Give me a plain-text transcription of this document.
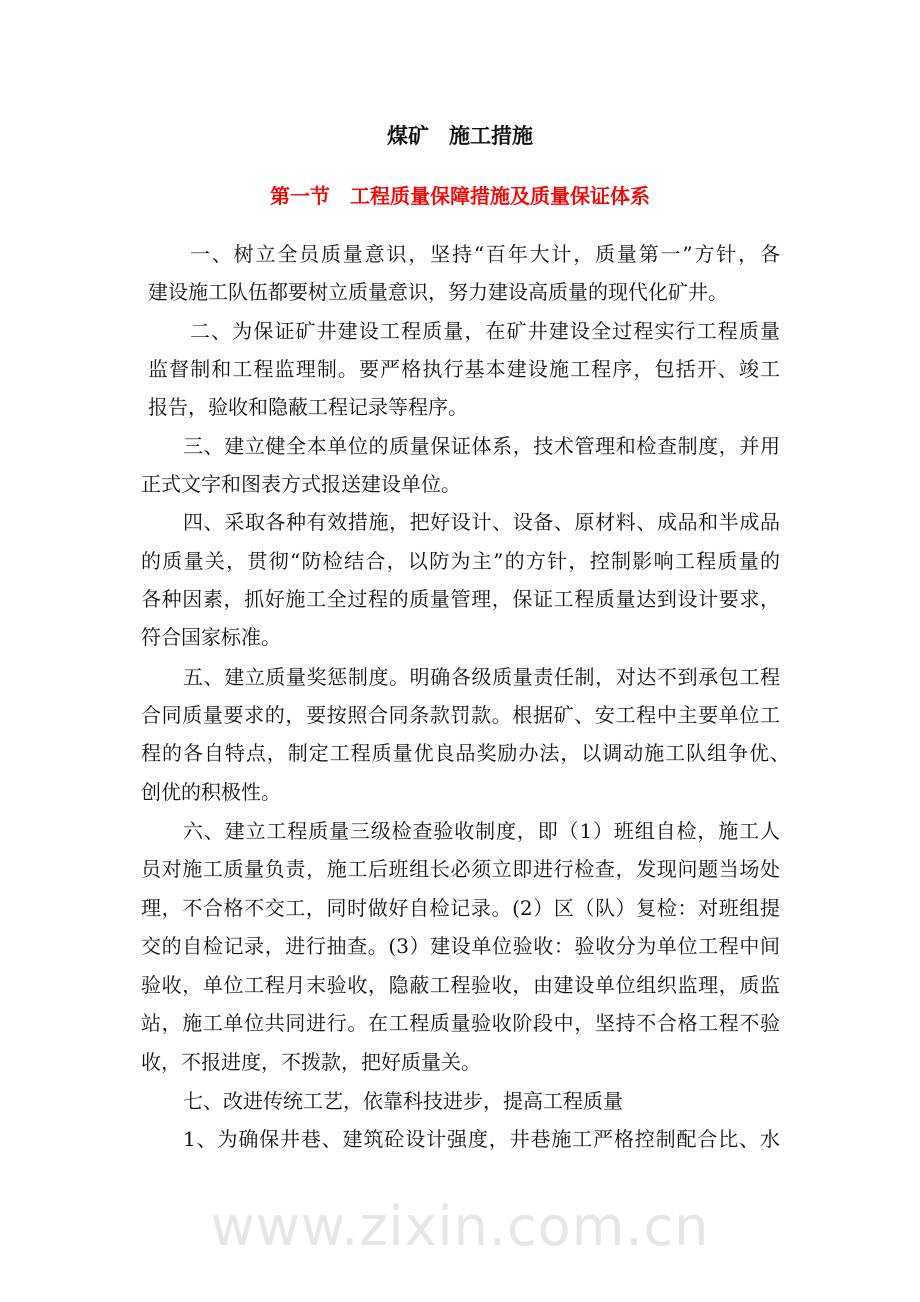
煤矿 施工措施
第一节 工程质量保障措施及质量保证体系
一、树立全员质量意识，坚持“百年大计，质量第一”方针，各
建设施工队伍都要树立质量意识，努力建设高质量的现代化矿井。
二、为保证矿井建设工程质量，在矿井建设全过程实行工程质量
监督制和工程监理制。要严格执行基本建设施工程序，包括开、竣工
报告，验收和隐蔽工程记录等程序。
三、建立健全本单位的质量保证体系，技术管理和检查制度，并用
正式文字和图表方式报送建设单位。
四、采取各种有效措施，把好设计、设备、原材料、成品和半成品
的质量关，贯彻“防检结合，以防为主”的方针，控制影响工程质量的
各种因素，抓好施工全过程的质量管理，保证工程质量达到设计要求，
符合国家标准。
五、建立质量奖惩制度。明确各级质量责任制，对达不到承包工程
合同质量要求的，要按照合同条款罚款。根据矿、安工程中主要单位工
程的各自特点，制定工程质量优良品奖励办法，以调动施工队组争优、
创优的积极性。
六、建立工程质量三级检查验收制度，即（1）班组自检，施工人
员对施工质量负责，施工后班组长必须立即进行检查，发现问题当场处
理，不合格不交工，同时做好自检记录。(2）区（队）复检：对班组提
交的自检记录，进行抽查。(3）建设单位验收：验收分为单位工程中间
验收，单位工程月末验收，隐蔽工程验收，由建设单位组织监理，质监
站，施工单位共同进行。在工程质量验收阶段中，坚持不合格工程不验
收，不报进度，不拨款，把好质量关。
七、改进传统工艺，依靠科技进步，提高工程质量
1、为确保井巷、建筑砼设计强度，井巷施工严格控制配合比、水
www.zixin.com.cn
